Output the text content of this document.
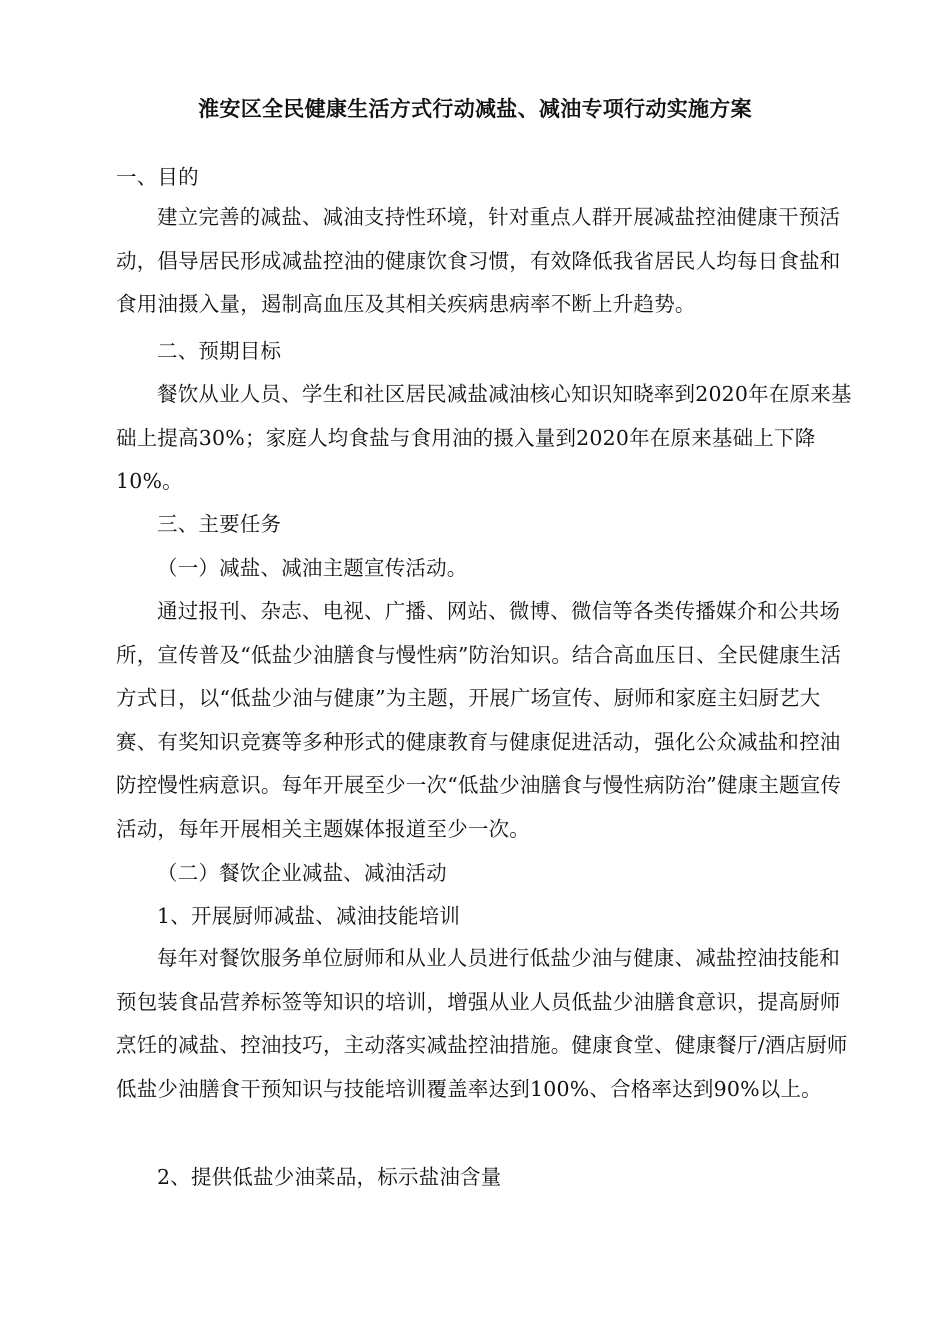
淮安区全民健康生活方式行动减盐、减油专项行动实施方案

一、目的

建立完善的减盐、减油支持性环境，针对重点人群开展减盐控油健康干预活动，倡导居民形成减盐控油的健康饮食习惯，有效降低我省居民人均每日食盐和食用油摄入量，遏制高血压及其相关疾病患病率不断上升趋势。

二、预期目标

餐饮从业人员、学生和社区居民减盐减油核心知识知晓率到2020年在原来基础上提高30%；家庭人均食盐与食用油的摄入量到2020年在原来基础上下降10%。

三、主要任务

（一）减盐、减油主题宣传活动。

通过报刊、杂志、电视、广播、网站、微博、微信等各类传播媒介和公共场所，宣传普及“低盐少油膳食与慢性病”防治知识。结合高血压日、全民健康生活方式日，以“低盐少油与健康”为主题，开展广场宣传、厨师和家庭主妇厨艺大赛、有奖知识竞赛等多种形式的健康教育与健康促进活动，强化公众减盐和控油防控慢性病意识。每年开展至少一次“低盐少油膳食与慢性病防治”健康主题宣传活动，每年开展相关主题媒体报道至少一次。

（二）餐饮企业减盐、减油活动

1、开展厨师减盐、减油技能培训

每年对餐饮服务单位厨师和从业人员进行低盐少油与健康、减盐控油技能和预包装食品营养标签等知识的培训，增强从业人员低盐少油膳食意识，提高厨师烹饪的减盐、控油技巧，主动落实减盐控油措施。健康食堂、健康餐厅/酒店厨师低盐少油膳食干预知识与技能培训覆盖率达到100%、合格率达到90%以上。

2、提供低盐少油菜品，标示盐油含量
